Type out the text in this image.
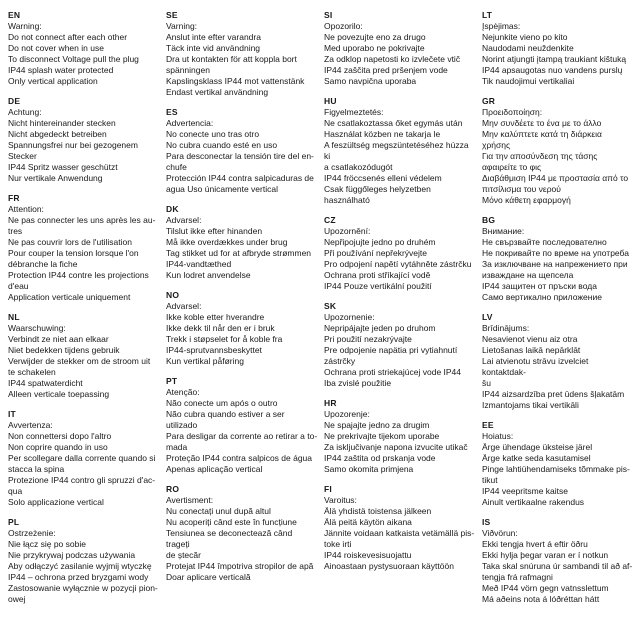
EN
Warning:
Do not connect after each other
Do not cover when in use
To disconnect Voltage pull the plug
IP44 splash water protected
Only vertical application
DE
Achtung:
Nicht hintereinander stecken
Nicht abgedeckt betreiben
Spannungsfrei nur bei gezogenem
Stecker
IP44 Spritz wasser geschützt
Nur vertikale Anwendung
FR
Attention:
Ne pas connecter les uns après les au-
tres
Ne pas couvrir lors de l'utilisation
Pour couper la tension lorsque l'on
débranche la fiche
Protection IP44 contre les projections
d'eau
Application verticale uniquement
NL
Waarschuwing:
Verbindt ze niet aan elkaar
Niet bedekken tijdens gebruik
Verwijder de stekker om de stroom uit
te schakelen
IP44 spatwaterdicht
Alleen verticale toepassing
IT
Avvertenza:
Non connettersi dopo l'altro
Non coprire quando in uso
Per scollegare dalla corrente quando si
stacca la spina
Protezione IP44 contro gli spruzzi d'ac-
qua
Solo applicazione vertical
PL
Ostrzeżenie:
Nie łącz się po sobie
Nie przykrywaj podczas używania
Aby odłączyć zasilanie wyjmij wtyczkę
IP44 – ochrona przed bryzgami wody
Zastosowanie wyłącznie w pozycji pion-
owej
SE
Varning:
Anslut inte efter varandra
Täck inte vid användning
Dra ut kontakten för att koppla bort
spänningen
Kapslingsklass IP44 mot vattenstänk
Endast vertikal användning
ES
Advertencia:
No conecte uno tras otro
No cubra cuando esté en uso
Para desconectar la tensión tire del en-
chufe
Protección IP44 contra salpicaduras de
agua Uso únicamente vertical
DK
Advarsel:
Tilslut ikke efter hinanden
Må ikke overdækkes under brug
Tag stikket ud for at afbryde strømmen
IP44-vandtæthed
Kun lodret anvendelse
NO
Advarsel:
Ikke koble etter hverandre
Ikke dekk til når den er i bruk
Trekk i støpselet for å koble fra
IP44-sprutvannsbeskyttet
Kun vertikal påføring
PT
Atenção:
Não conecte um após o outro
Não cubra quando estiver a ser utilizado
Para desligar da corrente ao retirar a to-
mada
Proteção IP44 contra salpicos de água
Apenas aplicação vertical
RO
Avertisment:
Nu conectați unul după altul
Nu acoperiți când este în funcțiune
Tensiunea se deconectează când trageți
de ștecăr
Protejat IP44 împotriva stropilor de apă
Doar aplicare verticală
SI
Opozorilo:
Ne povezujte eno za drugo
Med uporabo ne pokrivajte
Za odklop napetosti ko izvlečete vtič
IP44 zaščita pred pršenjem vode
Samo navpična uporaba
HU
Figyelmeztetés:
Ne csatlakoztassa őket egymás után
Használat közben ne takarja le
A feszültség megszüntetéséhez húzza ki
a csatlakozódugót
IP44 fröccsenés elleni védelem
Csak függőleges helyzetben használható
CZ
Upozornění:
Nepřipojujte jedno po druhém
Při používání nepřekrývejte
Pro odpojení napětí vytáhněte zástrčku
Ochrana proti stříkající vodě
IP44 Pouze vertikální použití
SK
Upozornenie:
Nepripájajte jeden po druhom
Pri použití nezakrývajte
Pre odpojenie napätia pri vytiahnutí
zástrčky
Ochrana proti striekajúcej vode IP44
Iba zvislé použitie
HR
Upozorenje:
Ne spajajte jedno za drugim
Ne prekrivajte tijekom uporabe
Za isključivanje napona izvucite utikač
IP44 zaštita od prskanja vode
Samo okomita primjena
FI
Varoitus:
Älä yhdistä toistensa jälkeen
Älä peitä käytön aikana
Jännite voidaan katkaista vetämällä pis-
toke irti
IP44 roiskevesisuojattu
Ainoastaan pystysuoraan käyttöön
LT
Įspėjimas:
Nejunkite vieno po kito
Naudodami neuždenkite
Norint atjungti įtampą traukiant kištuką
IP44 apsaugotas nuo vandens purslų
Tik naudojimui vertikaliai
GR
Προειδοποίηση:
Μην συνδέετε το ένα με το άλλο
Μην καλύπτετε κατά τη διάρκεια
χρήσης
Για την αποσύνδεση της τάσης
αφαιρείτε το φις
Διαβάθμιση IP44 με προστασία από το
πιτσίλισμα του νερού
Μόνο κάθετη εφαρμογή
BG
Внимание:
Не свързвайте последователно
Не покривайте по време на употреба
За изключване на напрежението при
изваждане на щепсела
IP44 защитен от пръски вода
Само вертикално приложение
LV
Brīdinājums:
Nesavienot vienu aiz otra
Lietošanas laikā nepārklāt
Lai atvienotu strāvu izvelciet kontaktdak-
šu
IP44 aizsardzība pret ūdens šļakatām
Izmantojams tikai vertikāli
EE
Hoiatus:
Ärge ühendage üksteise järel
Ärge katke seda kasutamisel
Pinge lahtiühendamiseks tõmmake pis-
tikut
IP44 veepritsme kaitse
Ainult vertikaalne rakendus
IS
Viðvörun:
Ekki tengja hvert á eftir öðru
Ekki hylja þegar varan er í notkun
Taka skal snúruna úr sambandi til að af-
tengja frá rafmagni
Með IP44 vörn gegn vatnsslettum
Má aðeins nota á lóðréttan hátt
